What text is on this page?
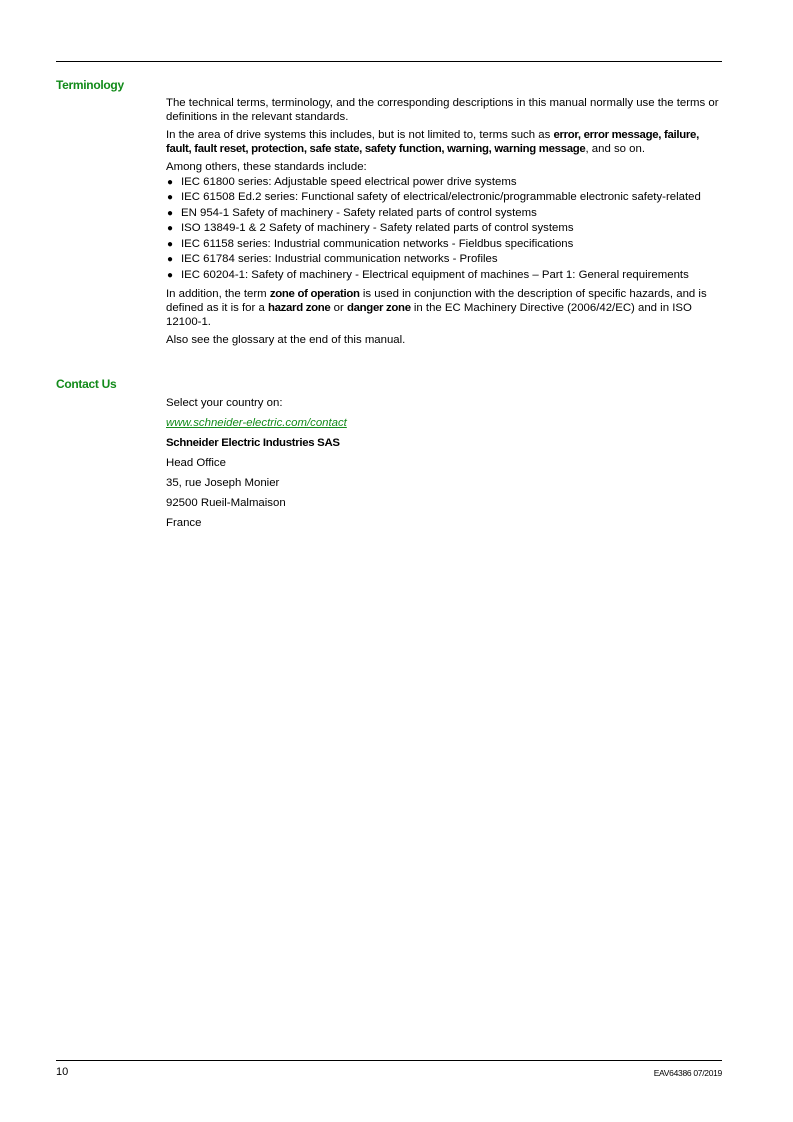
Terminology

The technical terms, terminology, and the corresponding descriptions in this manual normally use the terms or definitions in the relevant standards.

In the area of drive systems this includes, but is not limited to, terms such as error, error message, failure, fault, fault reset, protection, safe state, safety function, warning, warning message, and so on.

Among others, these standards include:

● IEC 61800 series: Adjustable speed electrical power drive systems
● IEC 61508 Ed.2 series: Functional safety of electrical/electronic/programmable electronic safety-related
● EN 954-1 Safety of machinery - Safety related parts of control systems
● ISO 13849-1 & 2 Safety of machinery - Safety related parts of control systems
● IEC 61158 series: Industrial communication networks - Fieldbus specifications
● IEC 61784 series: Industrial communication networks - Profiles
● IEC 60204-1: Safety of machinery - Electrical equipment of machines – Part 1: General requirements

In addition, the term zone of operation is used in conjunction with the description of specific hazards, and is defined as it is for a hazard zone or danger zone in the EC Machinery Directive (2006/42/EC) and in ISO 12100-1.

Also see the glossary at the end of this manual.

Contact Us

Select your country on:

www.schneider-electric.com/contact

Schneider Electric Industries SAS

Head Office

35, rue Joseph Monier

92500 Rueil-Malmaison

France

10	EAV64386 07/2019
